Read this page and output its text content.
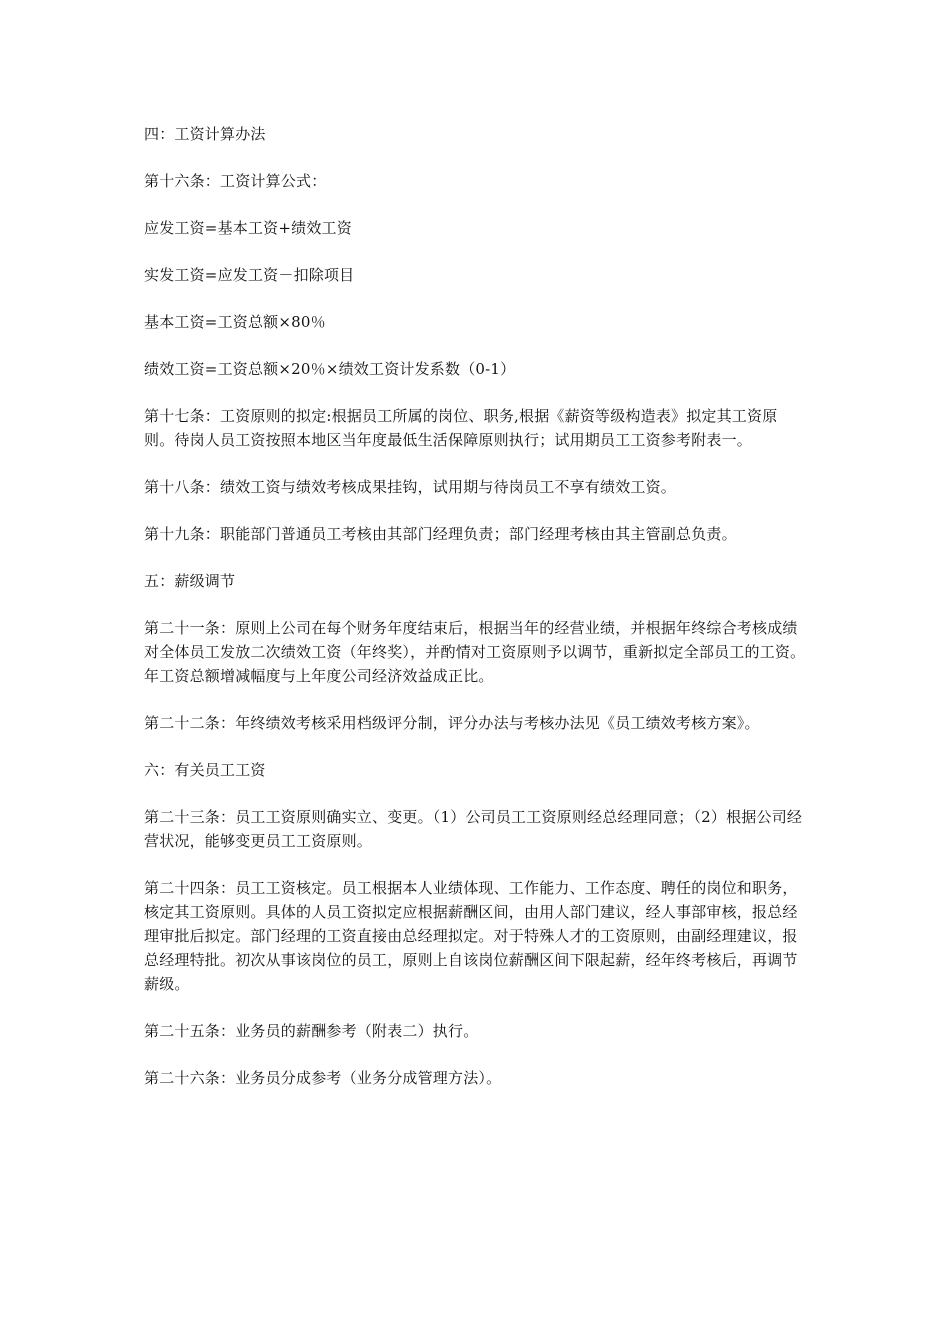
四：工资计算办法

第十六条：工资计算公式：

应发工资=基本工资+绩效工资

实发工资=应发工资－扣除项目

基本工资=工资总额×80％

绩效工资=工资总额×20％×绩效工资计发系数（0-1）

第十七条：工资原则的拟定:根据员工所属的岗位、职务,根据《薪资等级构造表》拟定其工资原则。待岗人员工资按照本地区当年度最低生活保障原则执行；试用期员工工资参考附表一。

第十八条：绩效工资与绩效考核成果挂钩，试用期与待岗员工不享有绩效工资。

第十九条：职能部门普通员工考核由其部门经理负责；部门经理考核由其主管副总负责。

五：薪级调节

第二十一条：原则上公司在每个财务年度结束后，根据当年的经营业绩，并根据年终综合考核成绩对全体员工发放二次绩效工资（年终奖），并酌情对工资原则予以调节，重新拟定全部员工的工资。年工资总额增减幅度与上年度公司经济效益成正比。

第二十二条：年终绩效考核采用档级评分制，评分办法与考核办法见《员工绩效考核方案》。

六：有关员工工资

第二十三条：员工工资原则确实立、变更。（1）公司员工工资原则经总经理同意；（2）根据公司经营状况，能够变更员工工资原则。

第二十四条：员工工资核定。员工根据本人业绩体现、工作能力、工作态度、聘任的岗位和职务，核定其工资原则。具体的人员工资拟定应根据薪酬区间，由用人部门建议，经人事部审核，报总经理审批后拟定。部门经理的工资直接由总经理拟定。对于特殊人才的工资原则，由副经理建议，报总经理特批。初次从事该岗位的员工，原则上自该岗位薪酬区间下限起薪，经年终考核后，再调节薪级。

第二十五条：业务员的薪酬参考（附表二）执行。

第二十六条：业务员分成参考（业务分成管理方法）。
